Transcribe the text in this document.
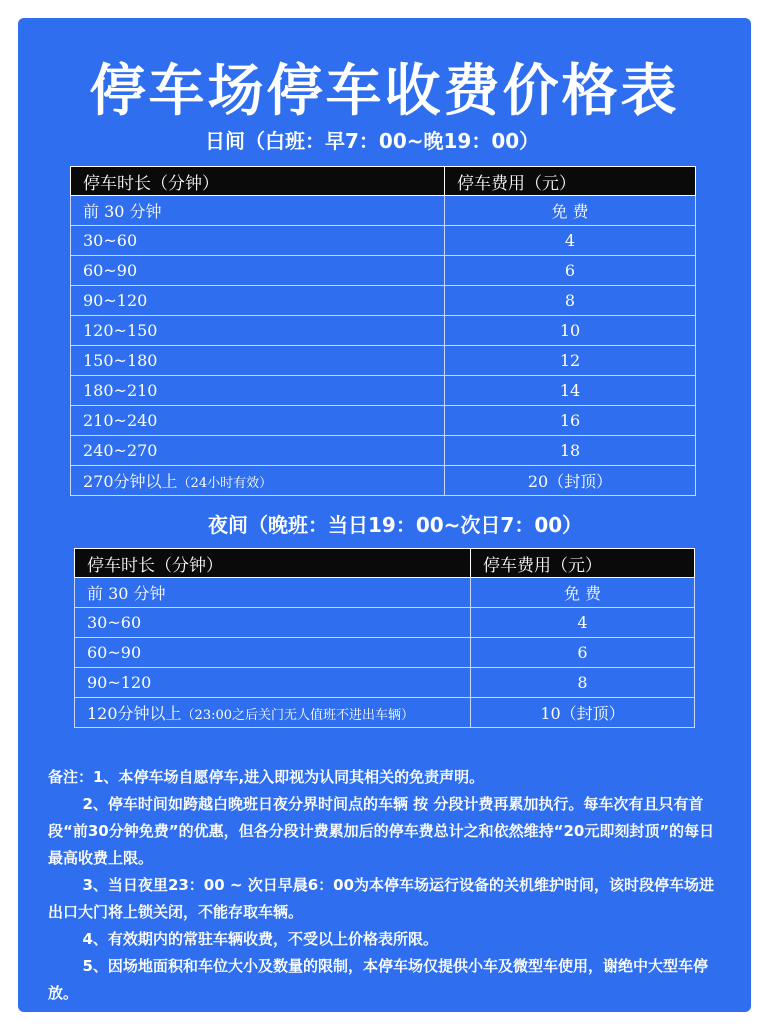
停车场停车收费价格表
日间（白班：早7：00~晚19：00）
停车时长（分钟）	停车费用（元）
前 30 分钟	免 费
30~60	4
60~90	6
90~120	8
120~150	10
150~180	12
180~210	14
210~240	16
240~270	18
270分钟以上（24小时有效）	20（封顶）
夜间（晚班：当日19：00~次日7：00）
停车时长（分钟）	停车费用（元）
前 30 分钟	免 费
30~60	4
60~90	6
90~120	8
120分钟以上（23:00之后关门无人值班不进出车辆）	10（封顶）

备注：1、本停车场自愿停车,进入即视为认同其相关的免责声明。

2、停车时间如跨越白晚班日夜分界时间点的车辆 按 分段计费再累加执行。每车次有且只有首段“前30分钟免费”的优惠，但各分段计费累加后的停车费总计之和依然维持“20元即刻封顶”的每日最高收费上限。

3、当日夜里23：00 ~ 次日早晨6：00为本停车场运行设备的关机维护时间，该时段停车场进出口大门将上锁关闭，不能存取车辆。

4、有效期内的常驻车辆收费，不受以上价格表所限。

5、因场地面积和车位大小及数量的限制，本停车场仅提供小车及微型车使用，谢绝中大型车停放。
